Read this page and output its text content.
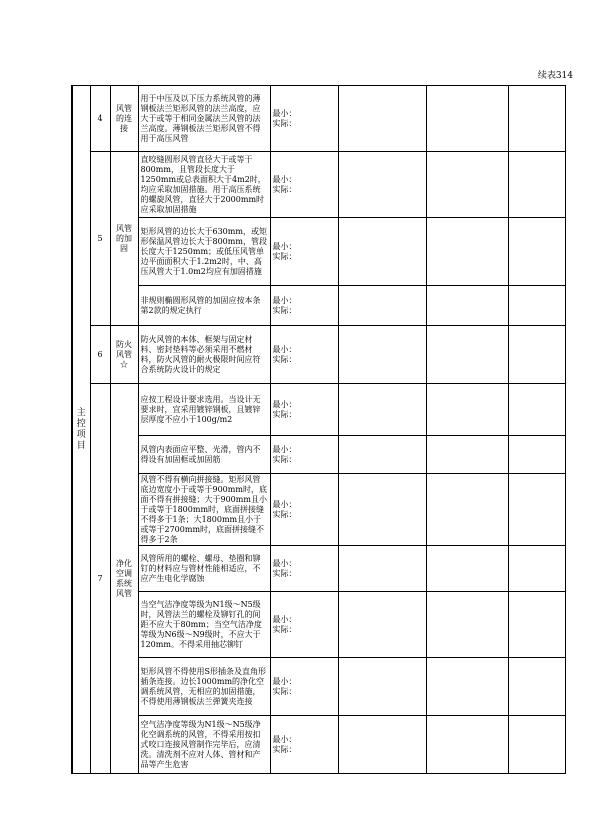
续表314
主控项目	4	风管的连接	用于中压及以下压力系统风管的薄钢板法兰矩形风管的法兰高度，应大于或等于相同金属法兰风管的法兰高度。薄钢板法兰矩形风管不得用于高压风管	最小：
实际：			

	5	风管的加固	直咬缝圆形风管直径大于或等于800mm，且管段长度大于1250mm或总表面积大于4m2时，均应采取加固措施。用于高压系统的螺旋风管，直径大于2000mm时应采取加固措施	最小：
实际：			

			矩形风管的边长大于630mm，或矩形保温风管边长大于800mm，管段长度大于1250mm；或低压风管单边平面面积大于1.2m2时，中、高压风管大于1.0m2均应有加固措施	最小：
实际：			

			非规则椭圆形风管的加固应按本条第2款的规定执行	最小：
实际：			

	6	防火风管☆	防火风管的本体、框架与固定材料、密封垫料等必须采用不燃材料，防火风管的耐火极限时间应符合系统防火设计的规定	最小：
实际：			

	7	净化空调系统风管	应按工程设计要求选用。当设计无要求时，宜采用镀锌钢板，且镀锌层厚度不应小于100g/m2	最小：
实际：			

			风管内表面应平整、光滑，管内不得设有加固框或加固筋	最小：
实际：			

			风管不得有横向拼接缝。矩形风管底边宽度小于或等于900mm时，底面不得有拼接缝；大于900mm且小于或等于1800mm时，底面拼接缝不得多于1条；大1800mm且小于或等于2700mm时，底面拼接缝不得多于2条	最小：
实际：			

			风管所用的螺栓、螺母、垫圈和铆钉的材料应与管材性能相适应，不应产生电化学腐蚀	最小：
实际：			

			当空气洁净度等级为N1级～N5级时，风管法兰的螺栓及铆钉孔的间距不应大于80mm；当空气洁净度等级为N6级～N9级时，不应大于120mm。不得采用抽芯铆钉	最小：
实际：			

			矩形风管不得使用S形插条及直角形插条连接。边长1000mm的净化空调系统风管，无相应的加固措施，不得使用薄钢板法兰弹簧夹连接	最小：
实际：			

			空气洁净度等级为N1级～N5级净化空调系统的风管，不得采用按扣式咬口连接风管制作完毕后，应清洗。清洗剂不应对人体、管材和产品等产生危害	最小：
实际：			
